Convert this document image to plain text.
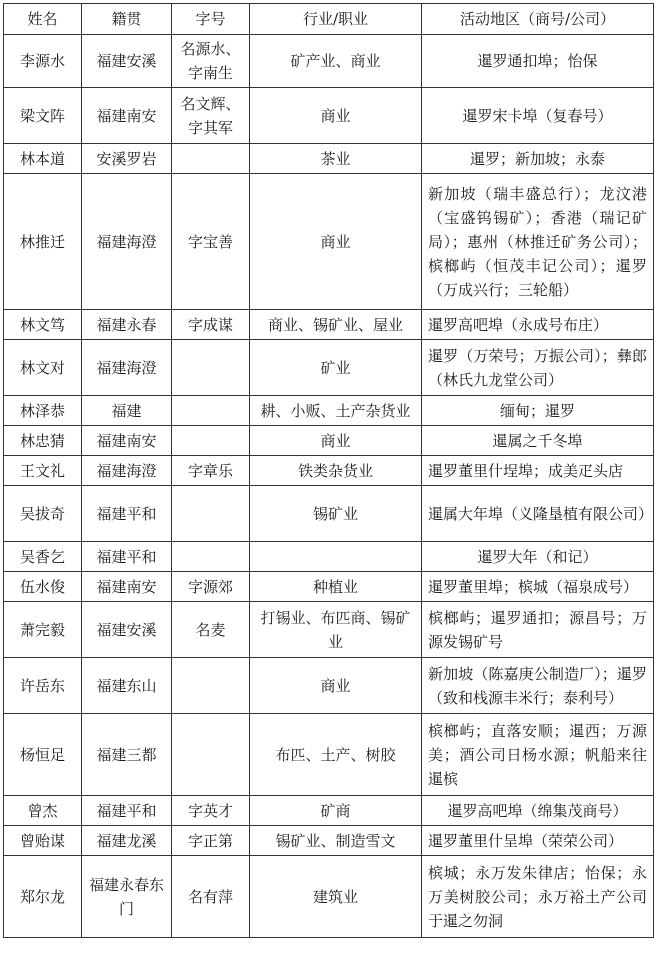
姓名	籍贯	字号	行业/职业	活动地区（商号/公司）
李源水	福建安溪	名源水、字南生	矿产业、商业	暹罗通扣埠；怡保
梁文阵	福建南安	名文辉、字其军	商业	暹罗宋卡埠（复春号）
林本道	安溪罗岩		茶业	暹罗；新加坡；永泰
林推迁	福建海澄	字宝善	商业	新加坡（瑞丰盛总行）；龙汶港（宝盛钨锡矿）；香港（瑞记矿局）；惠州（林推迁矿务公司）；槟榔屿（恒茂丰记公司）；暹罗（万成兴行；三轮船）
林文笃	福建永春	字成谋	商业、锡矿业、屋业	暹罗高吧埠（永成号布庄）
林文对	福建海澄		矿业	暹罗（万荣号；万振公司）；彝郎（林氏九龙堂公司）
林泽恭	福建		耕、小贩、土产杂货业	缅甸；暹罗
林忠猜	福建南安		商业	暹属之千冬埠
王文礼	福建海澄	字章乐	铁类杂货业	暹罗董里什埕埠；成美疋头店
吴拔奇	福建平和		锡矿业	暹属大年埠（义隆垦植有限公司）
吴香乞	福建平和			暹罗大年（和记）
伍水俊	福建南安	字源郊	种植业	暹罗董里埠；槟城（福泉成号）
萧完毅	福建安溪	名麦	打锡业、布匹商、锡矿业	槟榔屿；暹罗通扣；源昌号；万源发锡矿号
许岳东	福建东山		商业	新加坡（陈嘉庚公制造厂）；暹罗（致和栈源丰米行；泰利号）
杨恒足	福建三都		布匹、土产、树胶	槟榔屿；直落安顺；暹西；万源美；酒公司日杨水源；帆船来往暹槟
曾杰	福建平和	字英才	矿商	暹罗高吧埠（绵集茂商号）
曾贻谋	福建龙溪	字正第	锡矿业、制造雪文	暹罗董里什呈埠（荣荣公司）
郑尔龙	福建永春东门	名有萍	建筑业	槟城；永万发朱律店；怡保；永万美树胶公司；永万裕土产公司于暹之勿洞
